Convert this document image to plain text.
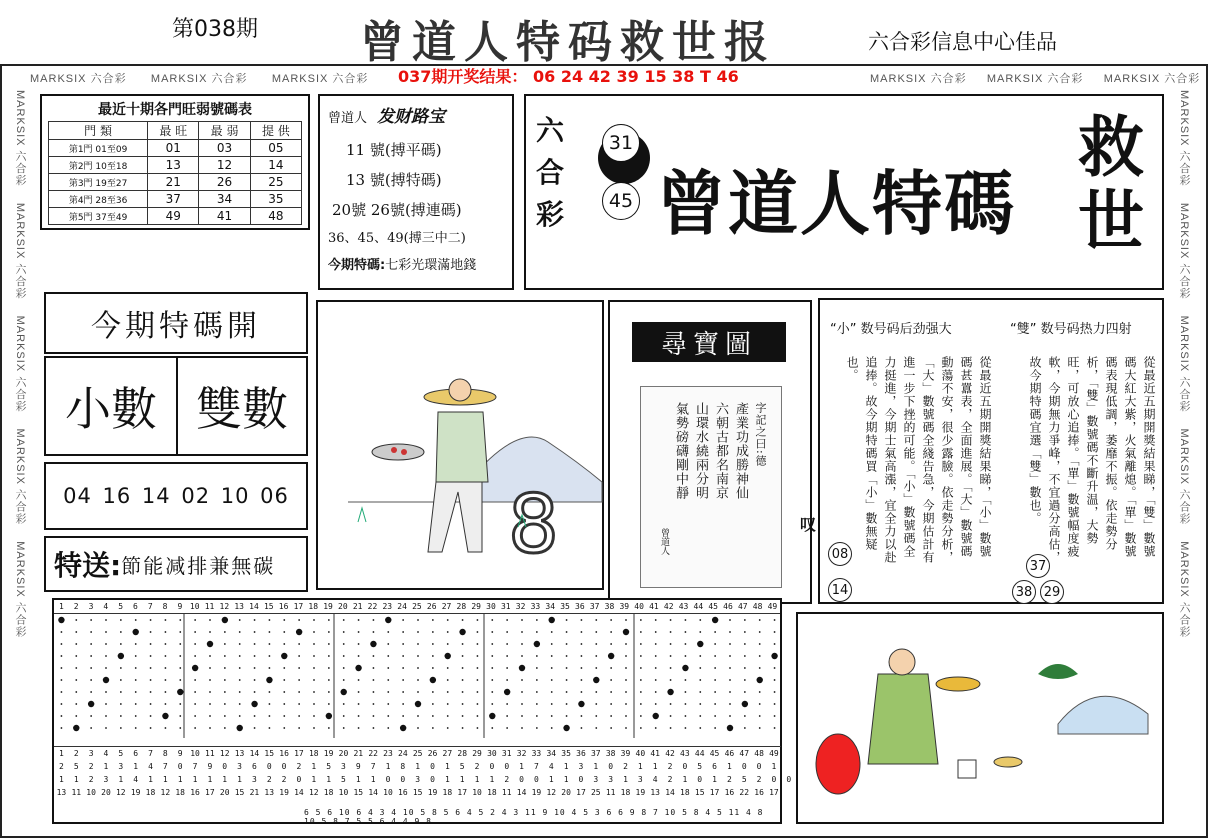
第038期 曾道人特码救世报	六合彩信息中心佳品
MARKSIX 六合彩 MARKSIX 六合彩 MARKSIX 六合彩	MARKSIX 六合彩 MARKSIX 六合彩 MARKSIX 六合彩
037期开奖结果： 06 24 42 39 15 38 T 46
MARKSIX 六合彩    MARKSIX 六合彩    MARKSIX 六合彩    MARKSIX 六合彩    MARKSIX 六合彩
MARKSIX 六合彩    MARKSIX 六合彩    MARKSIX 六合彩    MARKSIX 六合彩    MARKSIX 六合彩
最近十期各門旺弱號碼表
門 類	最 旺	最 弱	提 供
第1門 01至09	01	03	05
第2門 10至18	13	12	14
第3門 19至27	21	26	25
第4門 28至36	37	34	35
第5門 37至49	49	41	48
曾道人 发财路宝
11 號(搏平碼)
13 號(搏特碼)
20號 26號(搏連碼)
36、45、49(搏三中二)
今期特碼:七彩光環滿地錢
六合彩
31
45 曾道人特碼
救世
今期特碼開
小數 雙數
04 16 14 02 10 06
特送: 節能减排兼無碳	8
尋寶圖
字記之曰:德
產業功成勝神仙
六朝古都名南京
山環水繞兩分明
氣勢磅礴剛中靜
曾道人
“小” 数号码后劲强大	“雙” 数号码热力四射
從最近五期開獎結果睇，「小」數號碼甚囂表，全面進展。「大」數號碼動蕩不安，很少露臉。依走勢分析，「大」數號碼全綫告急，今期估計有進一步下挫的可能。「小」數號碼全力挺進，今期士氣高漲，宜全力以赴追捧。故今期特碼買「小」數無疑也。	從最近五期開獎結果睇，「雙」數號碼大紅大紫，火氣離熄。「單」數號碼表現低調，萎靡不振。依走勢分析，「雙」數號碼不斷升温，大勢旺，可放心追捧。「單」數號幅度疲軟，今期無力爭峰，不宜過分高估，故今期特碼宜選「雙」數也。
08
14
37
38 29
叹
1	2	3	4	5	6	7	8	9 10 11 12 13 14 15 16 17 18 19 20 21 22 23 24 25 26 27 28 29 30 31 32 33 34 35 36 37 38 39 40 41 42 43 44 45 46 47 48 49
1	2	3	4	5	6	7	8	9 10 11 12 13 14 15 16 17 18 19 20 21 22 23 24 25 26 27 28 29 30 31 32 33 34 35 36 37 38 39 40 41 42 43 44 45 46 47 48 49
2	5	2	1	3	1	4	7	0	7	9	0	3	6	0	0	2	1	5	3	9	7	1	8	1	0	1	5	2	0	0	1	7	4	1	3	1	0	2	1	1	2	0	5	6	1	0	0	1
1	1	2	3	1	4	1	1	1	1	1	1	1	3	2	2	0	1	1	5	1	1	0	0	3	0	1	1	1	1	2	0	0	1	1	0	3	3	1	3	4	2	1	0	1	2	5	2	0	0
13 11 10 20 12 19 18 12 18 16 17 20 15 21 13 19 14 12 18 10 15 14 10 16 15 19 18 17 10 18 11 14 19 12 20 17 25 11 18 19 13 14 18 15 17 16 22 16 17
6 5 6 10 6 4 3 4 10 5 8 5 6 4 5 2 4 3 11 9 10 4 5 3 6 6 9 8 7 10 5 8 4 5 11 4 8 10 5 8 7 5 5 6 4 4 9 8
